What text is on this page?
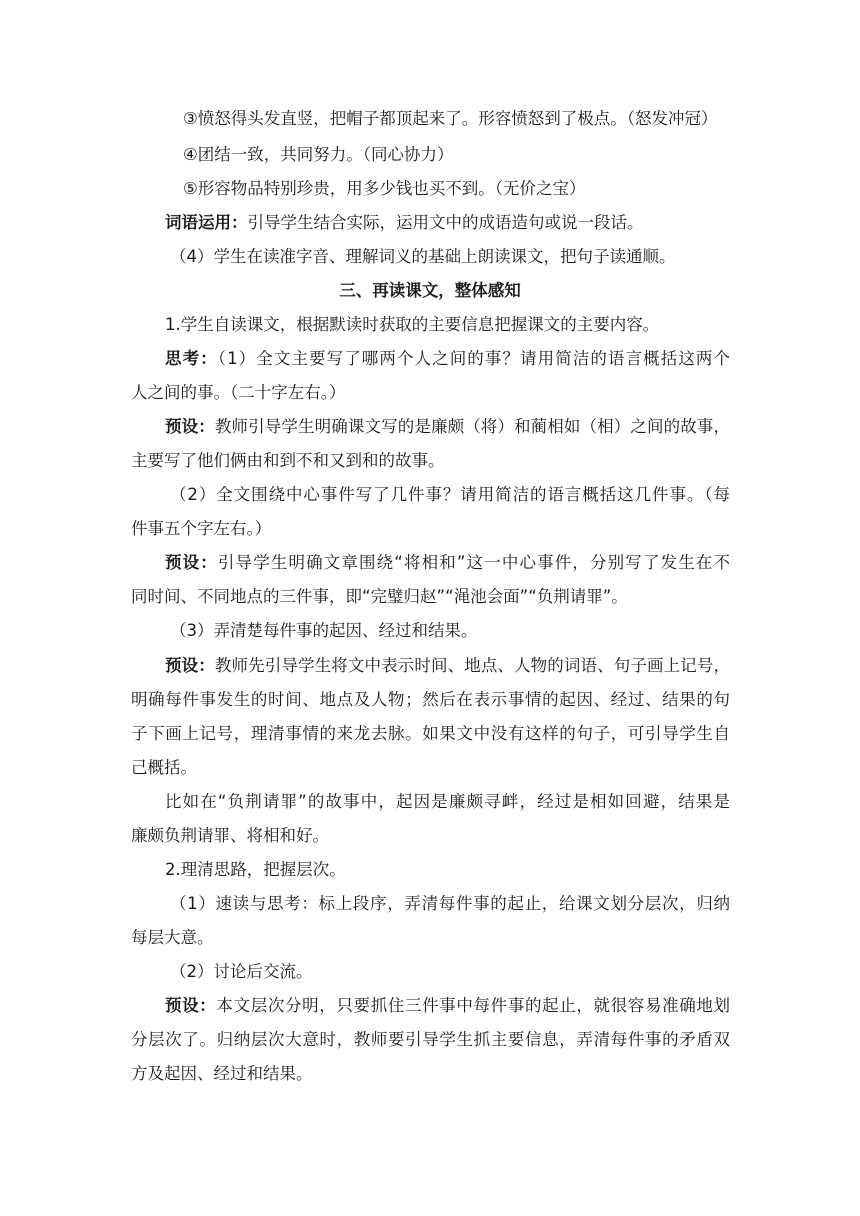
③愤怒得头发直竖，把帽子都顶起来了。形容愤怒到了极点。（怒发冲冠）
④团结一致，共同努力。（同心协力）
⑤形容物品特别珍贵，用多少钱也买不到。（无价之宝）
词语运用：引导学生结合实际，运用文中的成语造句或说一段话。
（4）学生在读准字音、理解词义的基础上朗读课文，把句子读通顺。
三、再读课文，整体感知
1.学生自读课文，根据默读时获取的主要信息把握课文的主要内容。
思考：（1）全文主要写了哪两个人之间的事？请用简洁的语言概括这两个
人之间的事。（二十字左右。）
预设：教师引导学生明确课文写的是廉颇（将）和蔺相如（相）之间的故事，
主要写了他们俩由和到不和又到和的故事。
（2）全文围绕中心事件写了几件事？请用简洁的语言概括这几件事。（每
件事五个字左右。）
预设：引导学生明确文章围绕“将相和”这一中心事件，分别写了发生在不
同时间、不同地点的三件事，即“完璧归赵”“渑池会面”“负荆请罪”。
（3）弄清楚每件事的起因、经过和结果。
预设：教师先引导学生将文中表示时间、地点、人物的词语、句子画上记号，
明确每件事发生的时间、地点及人物；然后在表示事情的起因、经过、结果的句
子下画上记号，理清事情的来龙去脉。如果文中没有这样的句子，可引导学生自
己概括。
比如在“负荆请罪”的故事中，起因是廉颇寻衅，经过是相如回避，结果是
廉颇负荆请罪、将相和好。
2.理清思路，把握层次。
（1）速读与思考：标上段序，弄清每件事的起止，给课文划分层次，归纳
每层大意。
（2）讨论后交流。
预设：本文层次分明，只要抓住三件事中每件事的起止，就很容易准确地划
分层次了。归纳层次大意时，教师要引导学生抓主要信息，弄清每件事的矛盾双
方及起因、经过和结果。
